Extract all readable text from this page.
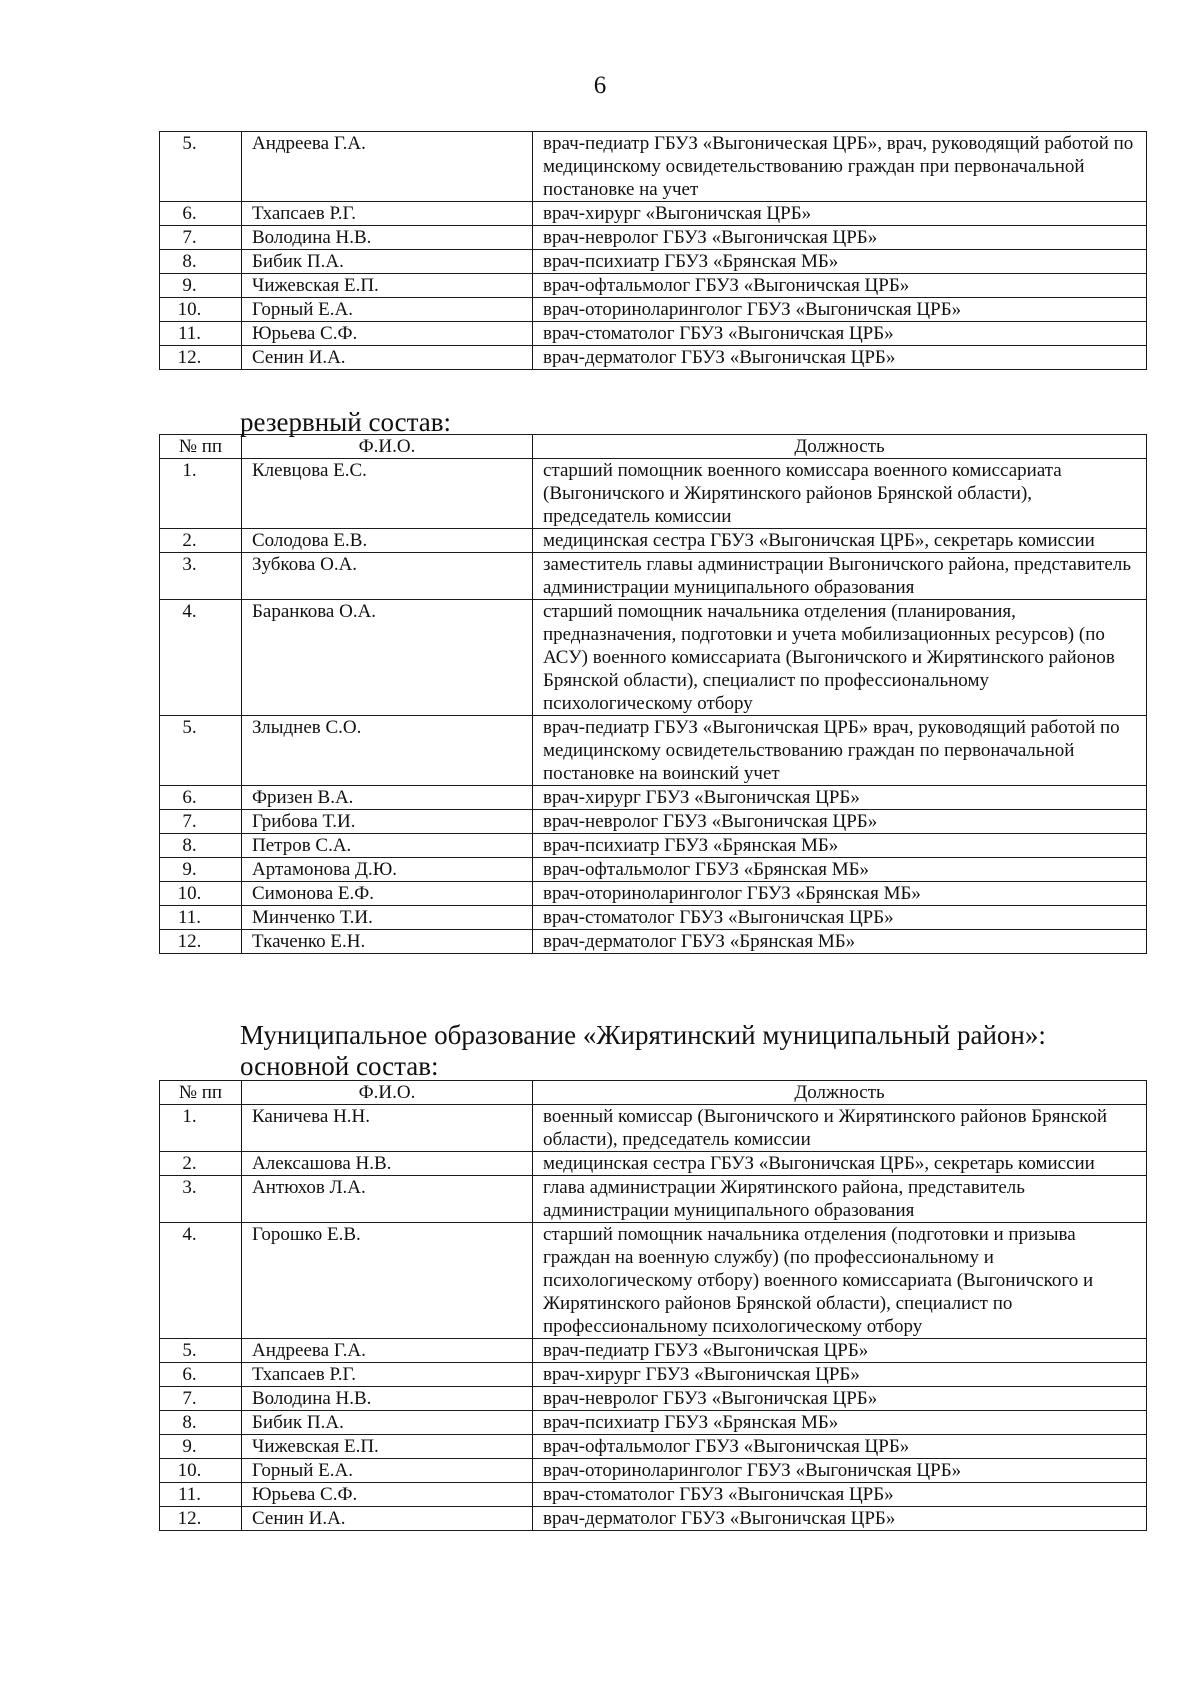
6
5.	Андреева Г.А.	врач-педиатр ГБУЗ «Выгоническая ЦРБ», врач, руководящий работой по медицинскому освидетельствованию граждан при первоначальной постановке на учет
6.	Тхапсаев Р.Г.	врач-хирург «Выгоничская ЦРБ»
7.	Володина Н.В.	врач-невролог ГБУЗ «Выгоничская ЦРБ»
8.	Бибик П.А.	врач-психиатр ГБУЗ «Брянская МБ»
9.	Чижевская Е.П.	врач-офтальмолог ГБУЗ «Выгоничская ЦРБ»
10.	Горный Е.А.	врач-оториноларинголог ГБУЗ «Выгоничская ЦРБ»
11.	Юрьева С.Ф.	врач-стоматолог ГБУЗ «Выгоничская ЦРБ»
12.	Сенин И.А.	врач-дерматолог ГБУЗ «Выгоничская ЦРБ»
резервный состав:
№ пп	Ф.И.О.	Должность
1.	Клевцова Е.С.	старший помощник военного комиссара военного комиссариата (Выгоничского и Жирятинского районов Брянской области), председатель комиссии
2.	Солодова Е.В.	медицинская сестра ГБУЗ «Выгоничская ЦРБ», секретарь комиссии
3.	Зубкова О.А.	заместитель главы администрации Выгоничского района, представитель администрации муниципального образования
4.	Баранкова О.А.	старший помощник начальника отделения (планирования, предназначения, подготовки и учета мобилизационных ресурсов) (по АСУ) военного комиссариата (Выгоничского и Жирятинского районов Брянской области), специалист по профессиональному психологическому отбору
5.	Злыднев С.О.	врач-педиатр ГБУЗ «Выгоничская ЦРБ» врач, руководящий работой по медицинскому освидетельствованию граждан по первоначальной постановке на воинский учет
6.	Фризен В.А.	врач-хирург ГБУЗ «Выгоничская ЦРБ»
7.	Грибова Т.И.	врач-невролог ГБУЗ «Выгоничская ЦРБ»
8.	Петров С.А.	врач-психиатр ГБУЗ «Брянская МБ»
9.	Артамонова Д.Ю.	врач-офтальмолог ГБУЗ «Брянская МБ»
10.	Симонова Е.Ф.	врач-оториноларинголог ГБУЗ «Брянская МБ»
11.	Минченко Т.И.	врач-стоматолог ГБУЗ «Выгоничская ЦРБ»
12.	Ткаченко Е.Н.	врач-дерматолог ГБУЗ «Брянская МБ»
Муниципальное образование «Жирятинский муниципальный район»:
основной состав:
№ пп	Ф.И.О.	Должность
1.	Каничева Н.Н.	военный комиссар (Выгоничского и Жирятинского районов Брянской области), председатель комиссии
2.	Алексашова Н.В.	медицинская сестра ГБУЗ «Выгоничская ЦРБ», секретарь комиссии
3.	Антюхов Л.А.	глава администрации Жирятинского района, представитель администрации муниципального образования
4.	Горошко Е.В.	старший помощник начальника отделения (подготовки и призыва граждан на военную службу) (по профессиональному и психологическому отбору) военного комиссариата (Выгоничского и Жирятинского районов Брянской области), специалист по профессиональному психологическому отбору
5.	Андреева Г.А.	врач-педиатр ГБУЗ «Выгоничская ЦРБ»
6.	Тхапсаев Р.Г.	врач-хирург ГБУЗ «Выгоничская ЦРБ»
7.	Володина Н.В.	врач-невролог ГБУЗ «Выгоничская ЦРБ»
8.	Бибик П.А.	врач-психиатр ГБУЗ «Брянская МБ»
9.	Чижевская Е.П.	врач-офтальмолог ГБУЗ «Выгоничская ЦРБ»
10.	Горный Е.А.	врач-оториноларинголог ГБУЗ «Выгоничская ЦРБ»
11.	Юрьева С.Ф.	врач-стоматолог ГБУЗ «Выгоничская ЦРБ»
12.	Сенин И.А.	врач-дерматолог ГБУЗ «Выгоничская ЦРБ»
